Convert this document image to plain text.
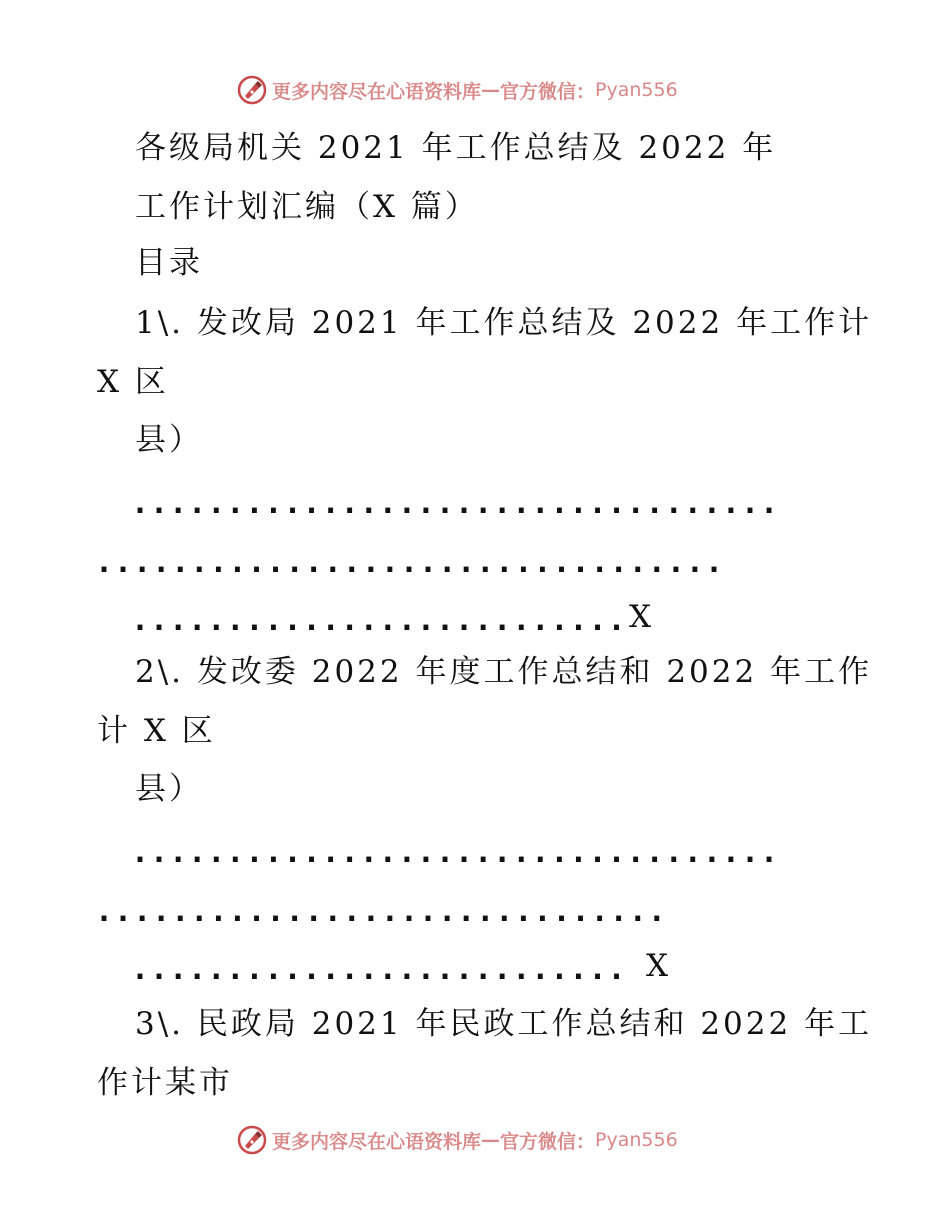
更多内容尽在心语资料库 — 官方微信： Pyan556
各级局机关 2021 年工作总结及 2022 年
工作计划汇编（X 篇）
目录
1\. 发改局 2021 年工作总结及 2022 年工作计
X 区
县）
..................................
.................................
.......................... X
2\. 发改委 2022 年度工作总结和 2022 年工作
计 X 区
县）
..................................
..............................
.......................... X
3\. 民政局 2021 年民政工作总结和 2022 年工
作计某市
更多内容尽在心语资料库 — 官方微信： Pyan556
